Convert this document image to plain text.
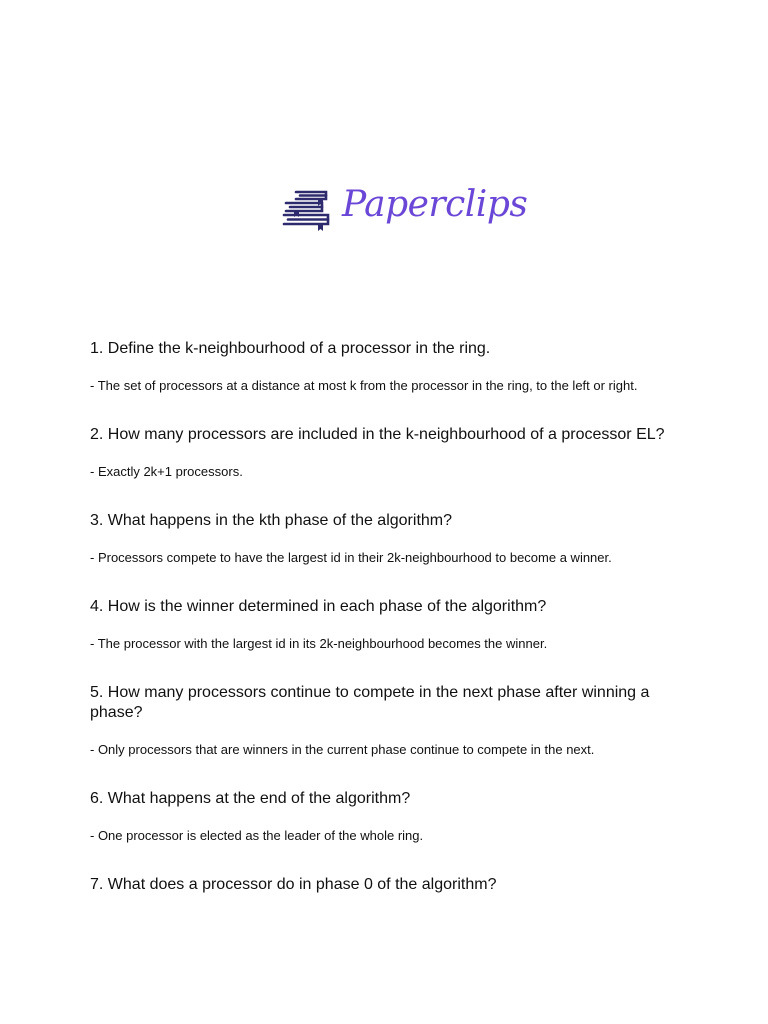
Paperclips

1. Define the k-neighbourhood of a processor in the ring.

- The set of processors at a distance at most k from the processor in the ring, to the left or right.

2. How many processors are included in the k-neighbourhood of a processor EL?

- Exactly 2k+1 processors.

3. What happens in the kth phase of the algorithm?

- Processors compete to have the largest id in their 2k-neighbourhood to become a winner.

4. How is the winner determined in each phase of the algorithm?

- The processor with the largest id in its 2k-neighbourhood becomes the winner.

5. How many processors continue to compete in the next phase after winning a phase?

- Only processors that are winners in the current phase continue to compete in the next.

6. What happens at the end of the algorithm?

- One processor is elected as the leader of the whole ring.

7. What does a processor do in phase 0 of the algorithm?
